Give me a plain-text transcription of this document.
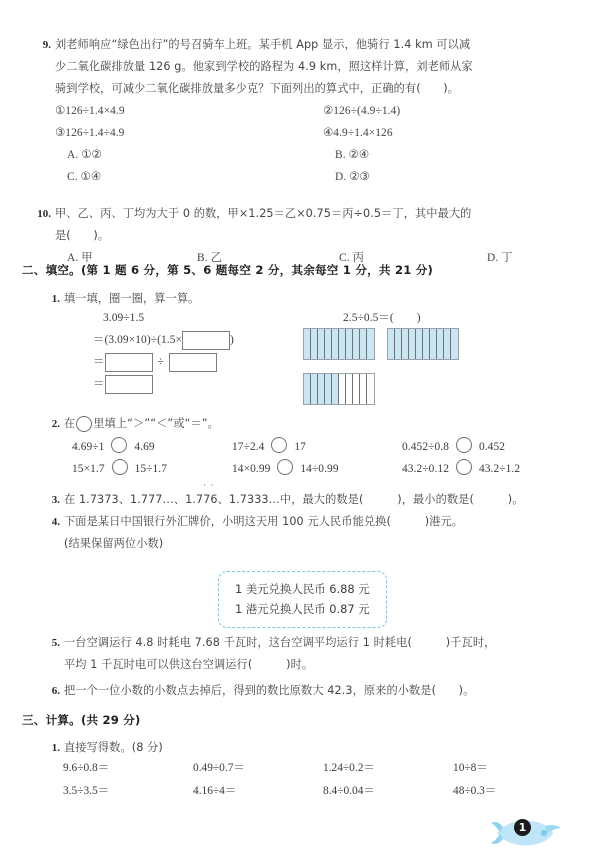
9. 刘老师响应“绿色出行”的号召骑车上班。某手机 App 显示，他骑行 1.4 km 可以减
少二氧化碳排放量 126 g。他家到学校的路程为 4.9 km，照这样计算，刘老师从家
骑到学校，可减少二氧化碳排放量多少克？下面列出的算式中，正确的有(　　)。
①126÷1.4×4.9	②126÷(4.9÷1.4)
③126÷1.4÷4.9	④4.9÷1.4×126
A. ①②	B. ②④
C. ①④	D. ②③
10. 甲、乙、丙、丁均为大于 0 的数，甲×1.25＝乙×0.75＝丙÷0.5＝丁，其中最大的
是(　　)。
A. 甲	B. 乙	C. 丙	D. 丁
二、填空。(第 1 题 6 分，第 5、6 题每空 2 分，其余每空 1 分，共 21 分)
1. 填一填，圈一圈，算一算。
3.09÷1.5
＝(3.09×10)÷(1.5×	)
＝	÷
＝
2.5÷0.5＝(　　)
2. 在 里填上“＞”“＜”或“＝”。
4.69÷1	4.69	17÷2.4	17	0.452÷0.8	0.452
15×1.7	15÷1.7	14×0.99	14÷0.99	43.2÷0.12	43.2÷1.2
3. 在 1.7373、1.777…、1.7
··
76、1.7333…中，最大的数是(　　　)，最小的数是(　　　)。
4. 下面是某日中国银行外汇牌价，小明这天用 100 元人民币能兑换(　　　)港元。
(结果保留两位小数)
1 美元兑换人民币 6.88 元
1 港元兑换人民币 0.87 元
5. 一台空调运行 4.8 时耗电 7.68 千瓦时，这台空调平均运行 1 时耗电(　　　)千瓦时，
平均 1 千瓦时电可以供这台空调运行(　　　)时。
6. 把一个一位小数的小数点去掉后，得到的数比原数大 42.3，原来的小数是(　　)。
三、计算。(共 29 分)
1. 直接写得数。(8 分)
9.6÷0.8＝	0.49÷0.7＝	1.24÷0.2＝	10÷8＝
3.5÷3.5＝	4.16÷4＝	8.4÷0.04＝	48÷0.3＝
1
